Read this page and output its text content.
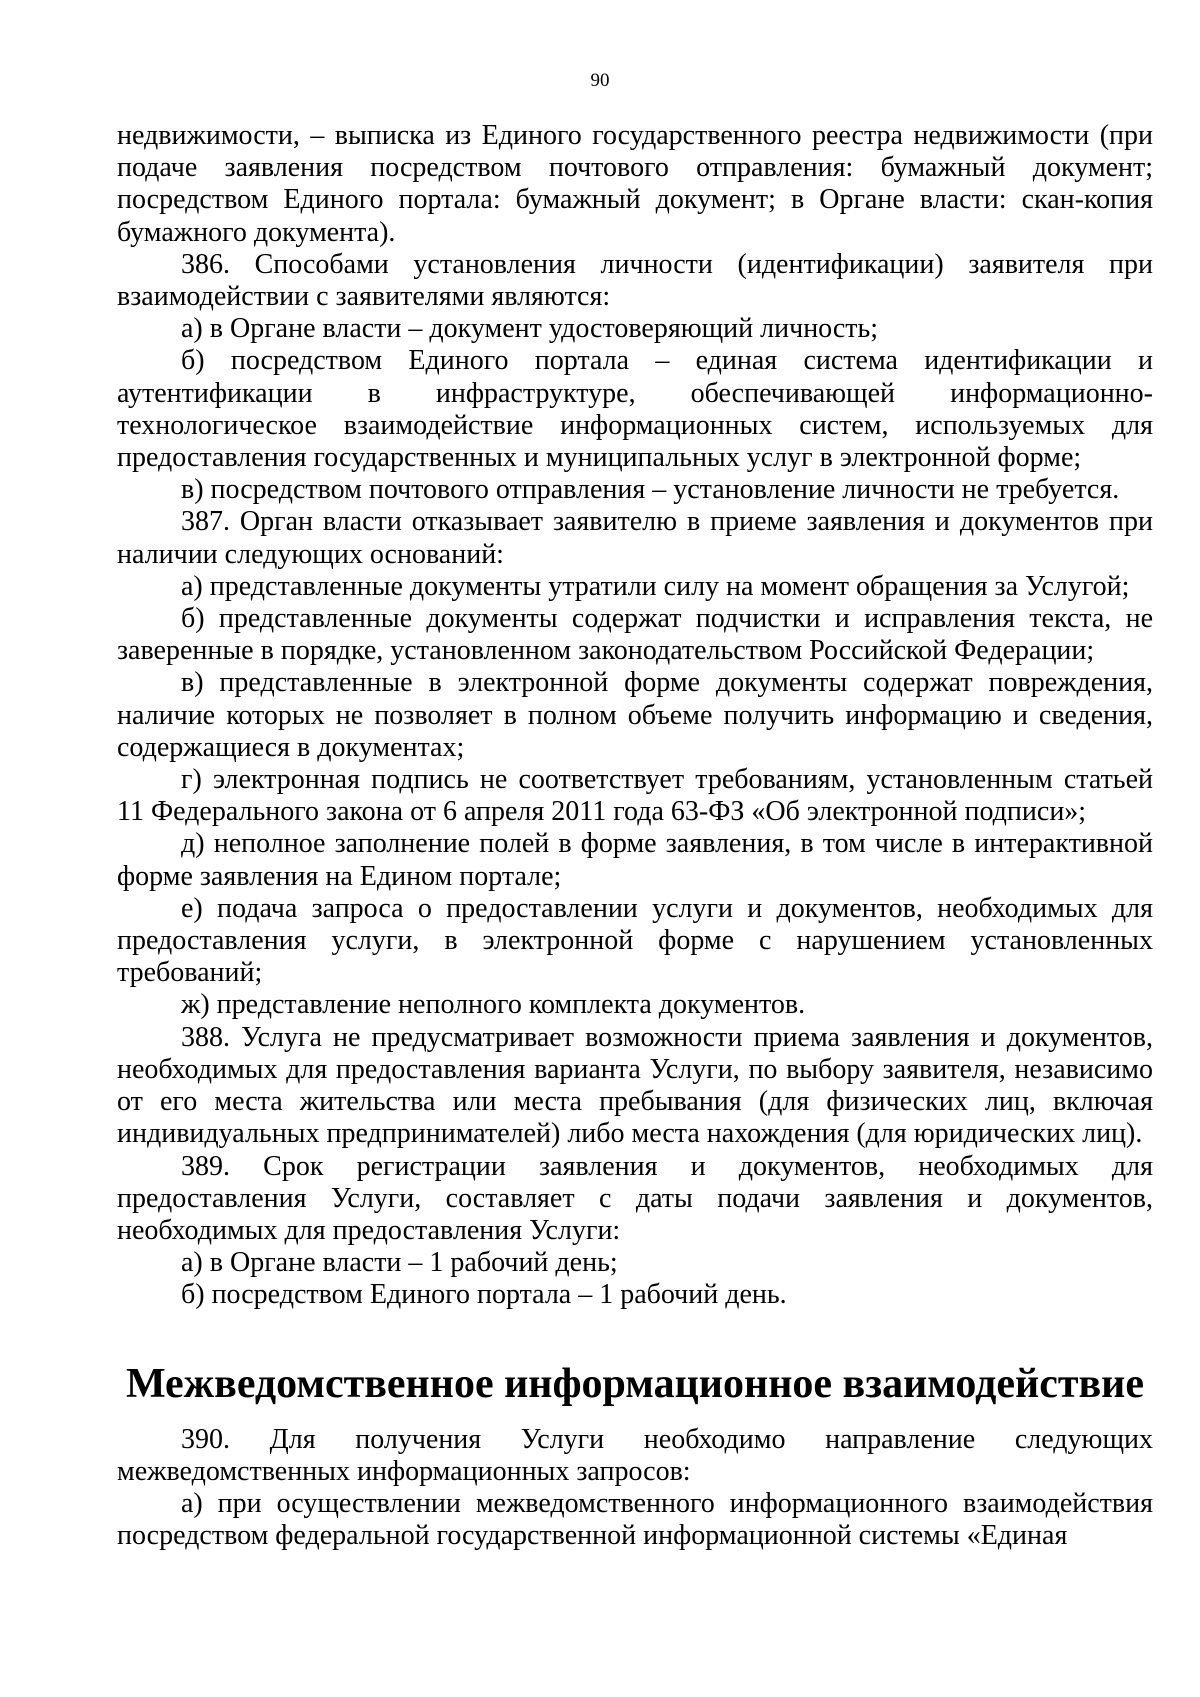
90

недвижимости, – выписка из Единого государственного реестра недвижимости (при подаче заявления посредством почтового отправления: бумажный документ; посредством Единого портала: бумажный документ; в Органе власти: скан-копия бумажного документа).

386. Способами установления личности (идентификации) заявителя при взаимодействии с заявителями являются:

а) в Органе власти – документ удостоверяющий личность;

б) посредством Единого портала – единая система идентификации и аутентификации в инфраструктуре, обеспечивающей информационно-технологическое взаимодействие информационных систем, используемых для предоставления государственных и муниципальных услуг в электронной форме;

в) посредством почтового отправления – установление личности не требуется.

387. Орган власти отказывает заявителю в приеме заявления и документов при наличии следующих оснований:

а) представленные документы утратили силу на момент обращения за Услугой;

б) представленные документы содержат подчистки и исправления текста, не заверенные в порядке, установленном законодательством Российской Федерации;

в) представленные в электронной форме документы содержат повреждения, наличие которых не позволяет в полном объеме получить информацию и сведения, содержащиеся в документах;

г) электронная подпись не соответствует требованиям, установленным статьей 11 Федерального закона от 6 апреля 2011 года 63-ФЗ «Об электронной подписи»;

д) неполное заполнение полей в форме заявления, в том числе в интерактивной форме заявления на Едином портале;

е) подача запроса о предоставлении услуги и документов, необходимых для предоставления услуги, в электронной форме с нарушением установленных требований;

ж) представление неполного комплекта документов.

388. Услуга не предусматривает возможности приема заявления и документов, необходимых для предоставления варианта Услуги, по выбору заявителя, независимо от его места жительства или места пребывания (для физических лиц, включая индивидуальных предпринимателей) либо места нахождения (для юридических лиц).

389. Срок регистрации заявления и документов, необходимых для предоставления Услуги, составляет с даты подачи заявления и документов, необходимых для предоставления Услуги:

а) в Органе власти – 1 рабочий день;

б) посредством Единого портала – 1 рабочий день.

Межведомственное информационное взаимодействие

390. Для получения Услуги необходимо направление следующих межведомственных информационных запросов:

а) при осуществлении межведомственного информационного взаимодействия посредством федеральной государственной информационной системы «Единая
